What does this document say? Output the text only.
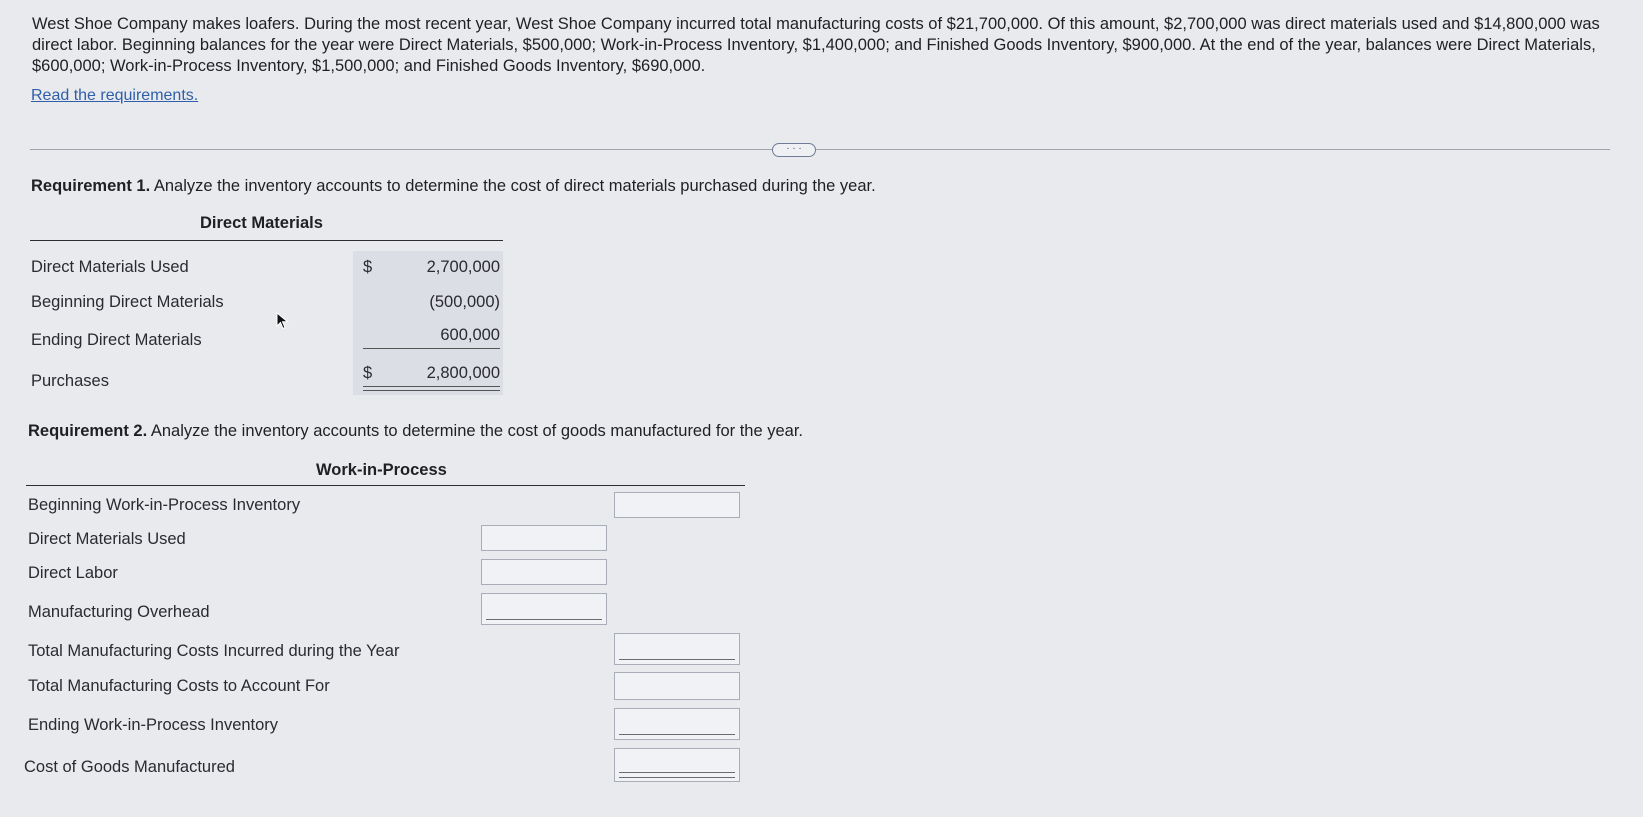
West Shoe Company makes loafers. During the most recent year, West Shoe Company incurred total manufacturing costs of $21,700,000. Of this amount, $2,700,000 was direct materials used and $14,800,000 was direct labor. Beginning balances for the year were Direct Materials, $500,000; Work-in-Process Inventory, $1,400,000; and Finished Goods Inventory, $900,000. At the end of the year, balances were Direct Materials, $600,000; Work-in-Process Inventory, $1,500,000; and Finished Goods Inventory, $690,000.
Read the requirements.
· · ·
Requirement 1. Analyze the inventory accounts to determine the cost of direct materials purchased during the year.
Direct Materials
Direct Materials Used	$	2,700,000
Beginning Direct Materials	(500,000)
Ending Direct Materials	600,000
Purchases	$	2,800,000
Requirement 2. Analyze the inventory accounts to determine the cost of goods manufactured for the year.
Work-in-Process
Beginning Work-in-Process Inventory
Direct Materials Used
Direct Labor
Manufacturing Overhead
Total Manufacturing Costs Incurred during the Year
Total Manufacturing Costs to Account For
Ending Work-in-Process Inventory
Cost of Goods Manufactured
